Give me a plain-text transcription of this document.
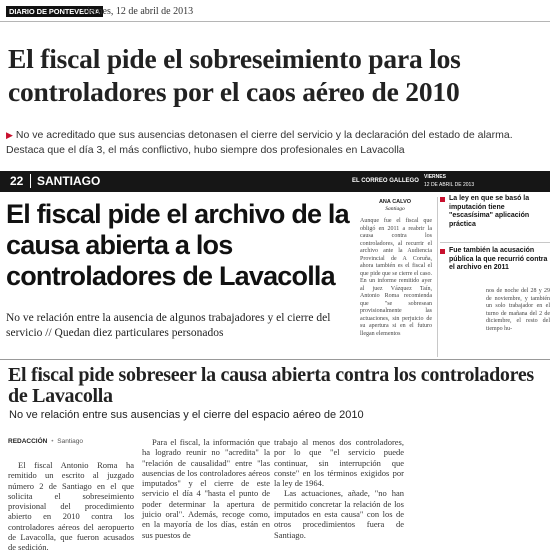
DIARIO DE PONTEVEDRA
viernes, 12 de abril de 2013
El fiscal pide el sobreseimiento para los controladores por el caos aéreo de 2010
▶ No ve acreditado que sus ausencias detonasen el cierre del servicio y la declaración del estado de alarma. Destaca que el día 3, el más conflictivo, hubo siempre dos profesionales en Lavacolla
22 SANTIAGO	EL CORREO GALLEGO
VIERNES
12 DE ABRIL DE 2013
El fiscal pide el archivo de la causa abierta a los controladores de Lavacolla
No ve relación entre la ausencia de algunos trabajadores y el cierre del servicio // Quedan diez particulares personados
ANA CALVO
Santiago
Aunque fue el fiscal que obligó en 2011 a reabrir la causa contra los controladores, al recurrir el archivo ante la Audiencia Provincial de A Coruña, ahora también es el fiscal el que pide que se cierre el caso. En un informe remitido ayer al juez Vázquez Taín, Antonio Roma recomienda que "se sobresean provisionalmente las actuaciones, sin perjuicio de su apertura si en el futuro llegan elementos
nos de noche del 28 y 29 de noviembre, y también un solo trabajador en el turno de mañana del 2 de diciembre, el resto del tiempo hu-
La ley en que se basó la imputación tiene "escasísima" aplicación práctica
Fue también la acusación pública la que recurrió contra el archivo en 2011
El fiscal pide sobreseer la causa abierta contra los controladores de Lavacolla
No ve relación entre sus ausencias y el cierre del espacio aéreo de 2010
REDACCIÓN • Santiago
El fiscal Antonio Roma ha remitido un escrito al juzgado número 2 de Santiago en el que solicita el sobreseimiento provisional del procedimiento abierto en 2010 contra los controladores aéreos del aeropuerto de Lavacolla, que fueron acusados de sedición.
Para el fiscal, la información que ha logrado reunir no "acredita" la "relación de causalidad" entre "las ausencias de los controladores aéreos imputados" y el cierre de este servicio el día 4 "hasta el punto de poder determinar la apertura de juicio oral". Además, recoge como, en la mayoría de los días, están en sus puestos de

trabajo al menos dos controladores, por lo que "el servicio puede continuar, sin interrupción que conste" en los términos exigidos por la ley de 1964.

Las actuaciones, añade, "no han permitido concretar la relación de los imputados en esta causa" con los de otros procedimientos fuera de Santiago.
